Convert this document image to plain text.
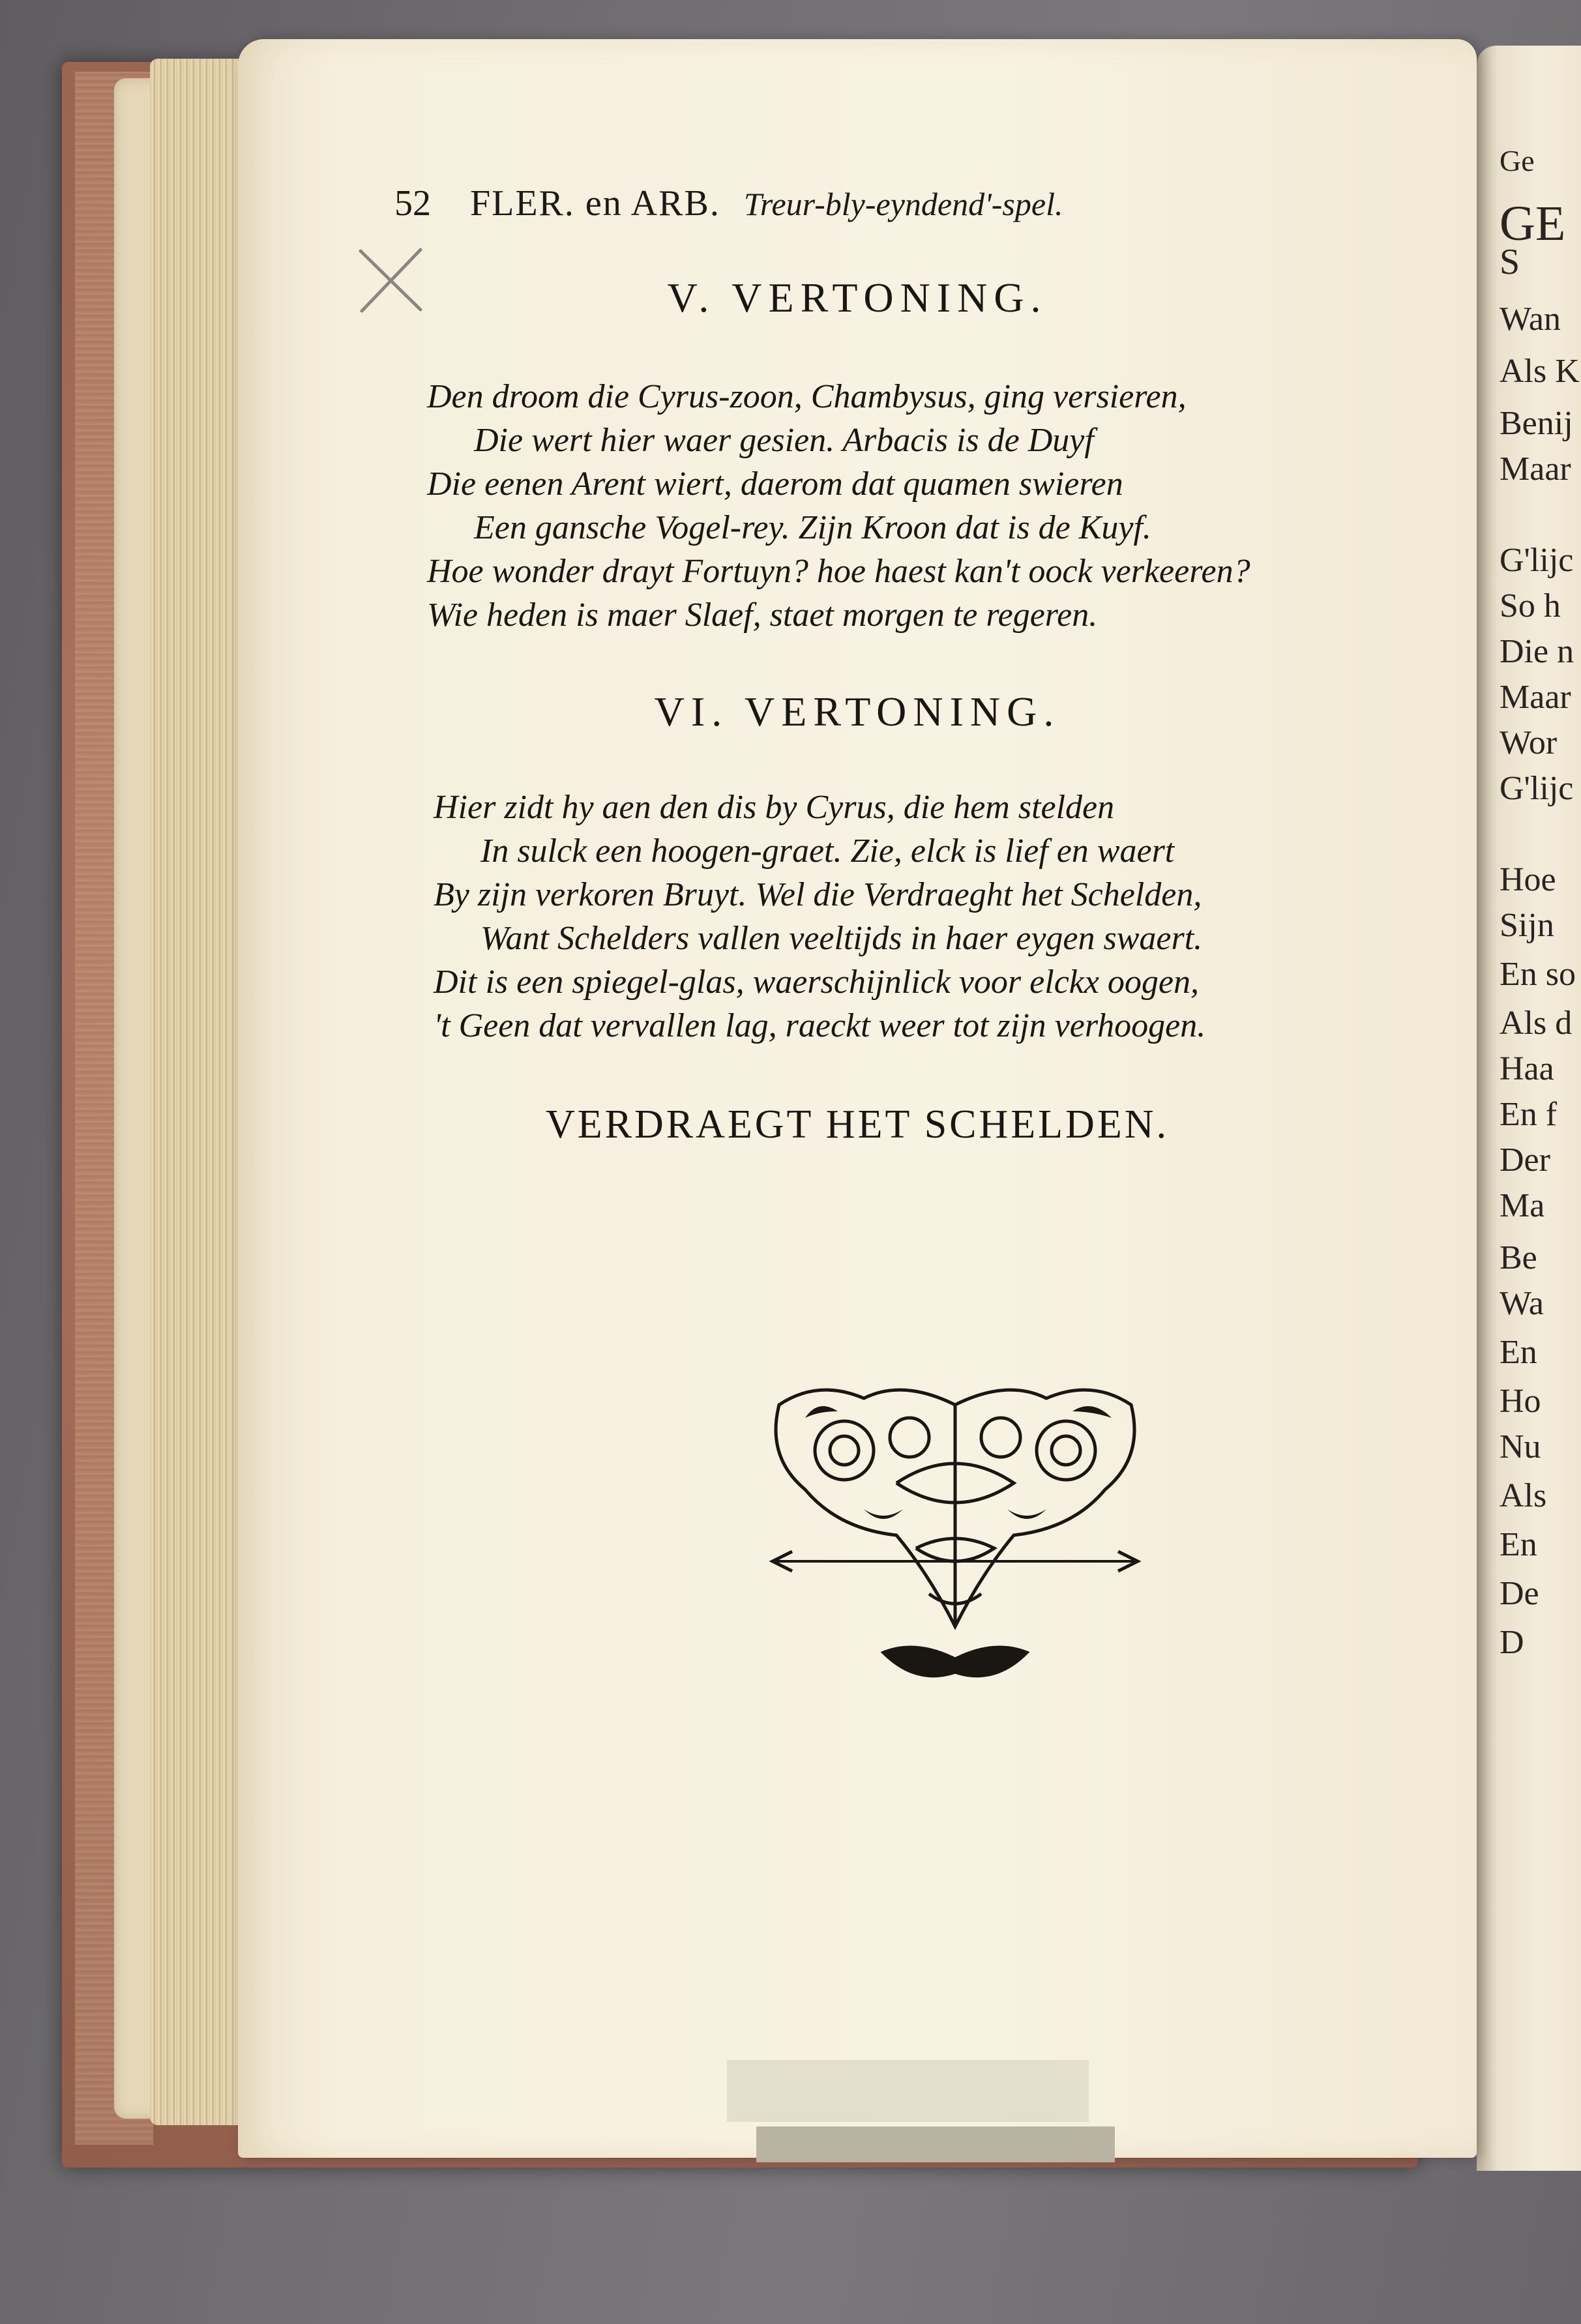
Ge
GE
S
Wan
Als K
Benij
Maar
G'lijc
So h
Die n
Maar
Wor
G'lijc
Hoe
Sijn
En so
Als d
Haa
En f
Der
Ma
Be
Wa
En
Ho
Nu
Als
En
De
D
52 FLER. en ARB. Treur-bly-eyndend'-spel.
V. VERTONING.
Den droom die Cyrus-zoon, Chambysus, ging versieren,
Die wert hier waer gesien. Arbacis is de Duyf
Die eenen Arent wiert, daerom dat quamen swieren
Een gansche Vogel-rey. Zijn Kroon dat is de Kuyf.
Hoe wonder drayt Fortuyn? hoe haest kan't oock verkeeren?
Wie heden is maer Slaef, staet morgen te regeren.
VI. VERTONING.
Hier zidt hy aen den dis by Cyrus, die hem stelden
In sulck een hoogen-graet. Zie, elck is lief en waert
By zijn verkoren Bruyt. Wel die Verdraeght het Schelden,
Want Schelders vallen veeltijds in haer eygen swaert.
Dit is een spiegel-glas, waerschijnlick voor elckx oogen,
't Geen dat vervallen lag, raeckt weer tot zijn verhoogen.
VERDRAEGT HET SCHELDEN.
